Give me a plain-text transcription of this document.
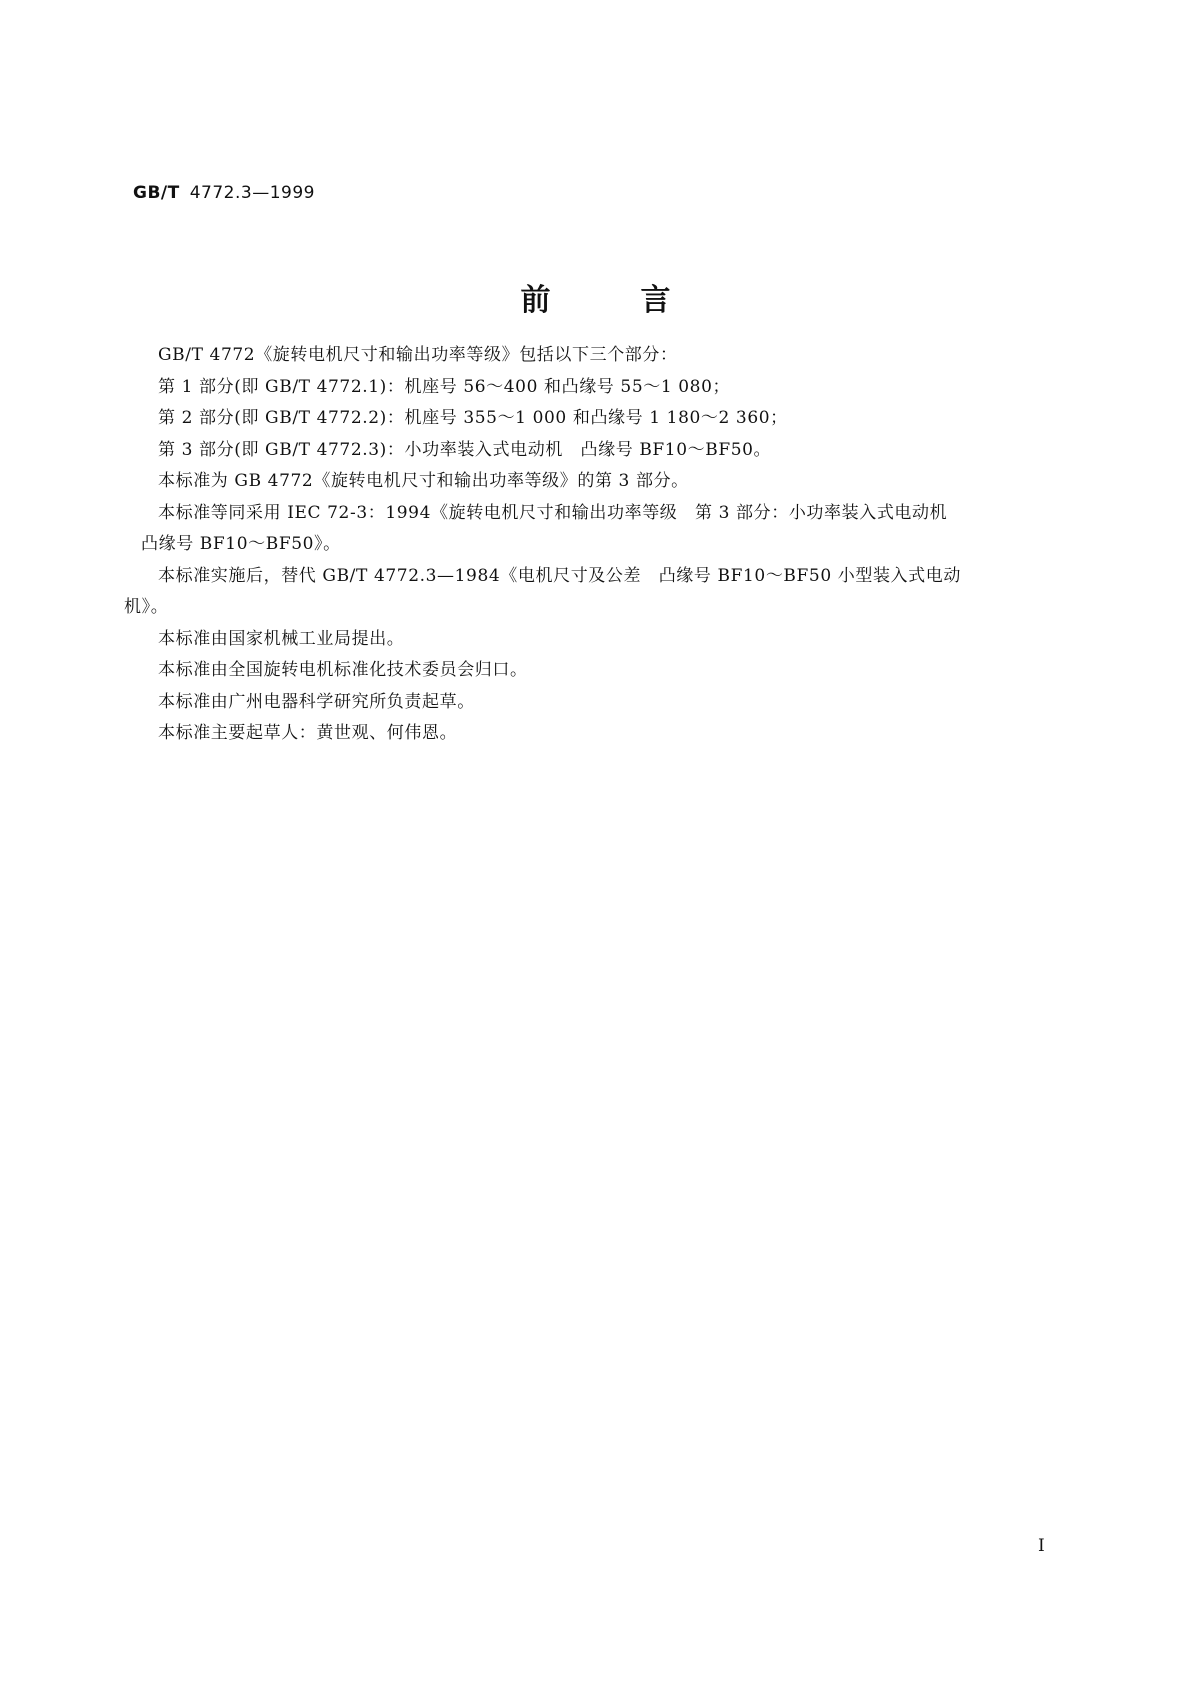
GB/T 4772.3—1999
前言

GB/T 4772《旋转电机尺寸和输出功率等级》包括以下三个部分：

第 1 部分(即 GB/T 4772.1)：机座号 56～400 和凸缘号 55～1 080；

第 2 部分(即 GB/T 4772.2)：机座号 355～1 000 和凸缘号 1 180～2 360；

第 3 部分(即 GB/T 4772.3)：小功率装入式电动机　凸缘号 BF10～BF50。

本标准为 GB 4772《旋转电机尺寸和输出功率等级》的第 3 部分。

本标准等同采用 IEC 72-3：1994《旋转电机尺寸和输出功率等级　第 3 部分：小功率装入式电动机
凸缘号 BF10～BF50》。

本标准实施后，替代 GB/T 4772.3—1984《电机尺寸及公差　凸缘号 BF10～BF50 小型装入式电动
机》。

本标准由国家机械工业局提出。

本标准由全国旋转电机标准化技术委员会归口。

本标准由广州电器科学研究所负责起草。

本标准主要起草人：黄世观、何伟恩。

I
